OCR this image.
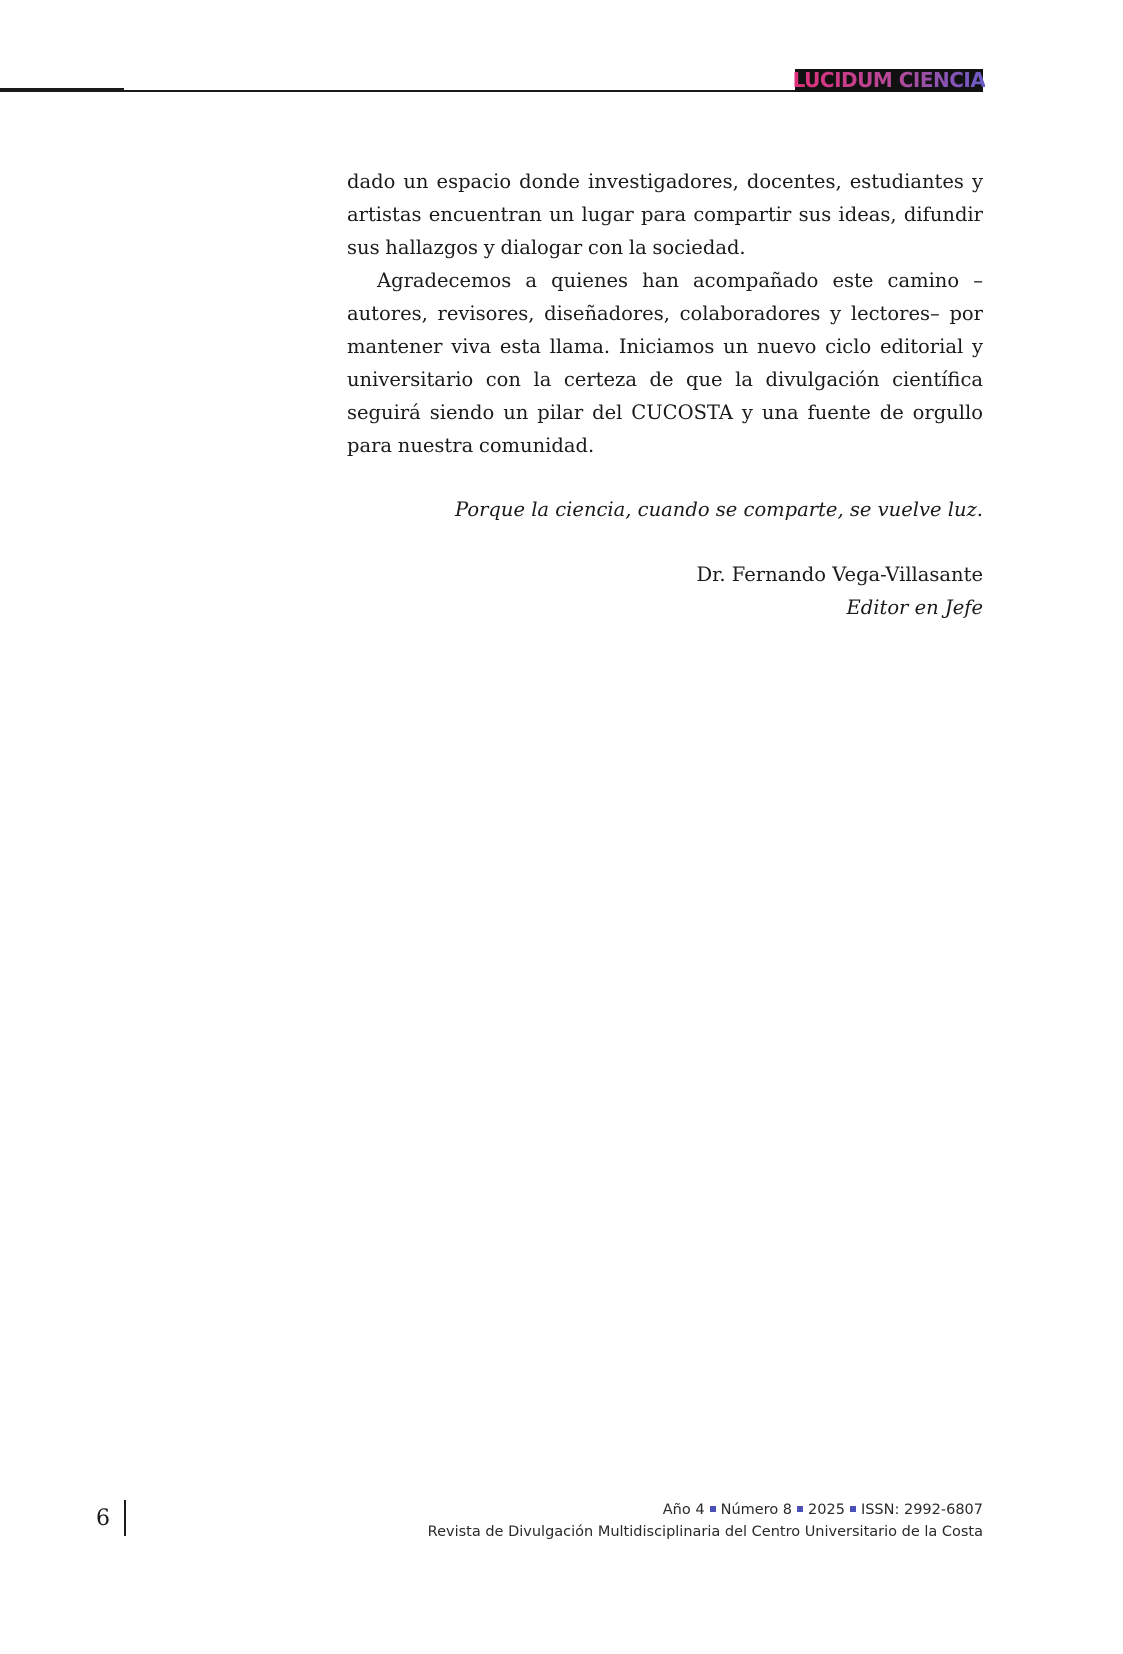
LUCIDUM CIENCIA

dado un espacio donde investigadores, docentes, estudiantes y artistas encuentran un lugar para compartir sus ideas, difundir sus hallazgos y dialogar con la sociedad.

Agradecemos a quienes han acompañado este camino –autores, revisores, diseñadores, colaboradores y lectores– por mantener viva esta llama. Iniciamos un nuevo ciclo editorial y universitario con la certeza de que la divulgación científica seguirá siendo un pilar del CUCOSTA y una fuente de orgullo para nuestra comunidad.

Porque la ciencia, cuando se comparte, se vuelve luz.

Dr. Fernando Vega-Villasante
Editor en Jefe
6	Año 4 Número 8 2025 ISSN: 2992-6807
Revista de Divulgación Multidisciplinaria del Centro Universitario de la Costa
